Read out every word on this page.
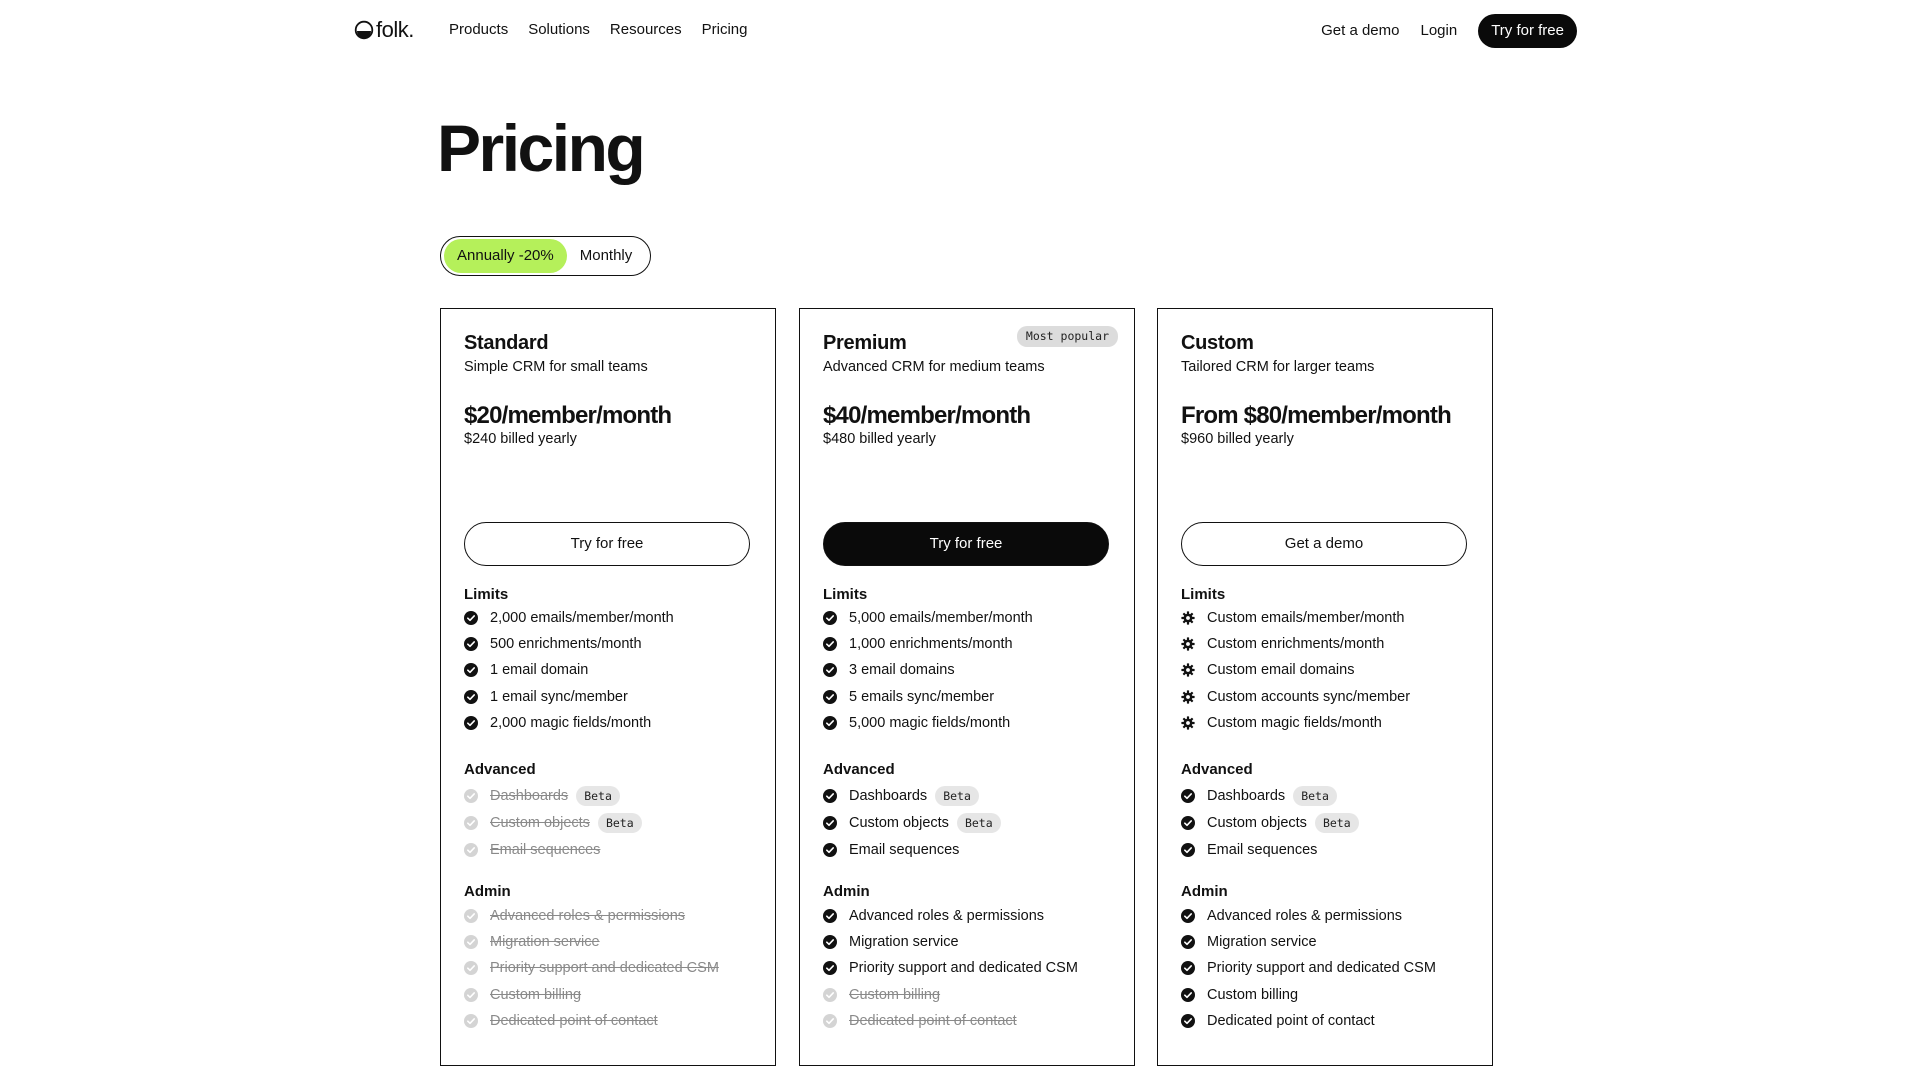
folk. Products Solutions Resources Pricing	Get a demo Login	Try for free
Pricing
Annually -20%	Monthly
Standard
Simple CRM for small teams
$20/member/month
$240 billed yearly
Try for free
Limits
2,000 emails/member/month
500 enrichments/month
1 email domain
1 email sync/member
2,000 magic fields/month
Advanced
Dashboards	Beta
Custom objects	Beta
Email sequences
Admin
Advanced roles & permissions
Migration service
Priority support and dedicated CSM
Custom billing
Dedicated point of contact
Premium
Advanced CRM for medium teams
$40/member/month
$480 billed yearly
Try for free
Limits
5,000 emails/member/month
1,000 enrichments/month
3 email domains
5 emails sync/member
5,000 magic fields/month
Advanced
Dashboards	Beta
Custom objects	Beta
Email sequences
Admin
Advanced roles & permissions
Migration service
Priority support and dedicated CSM
Custom billing
Dedicated point of contact
Most popular	Custom
Tailored CRM for larger teams
From $80/member/month
$960 billed yearly
Get a demo
Limits
Custom emails/member/month
Custom enrichments/month
Custom email domains
Custom accounts sync/member
Custom magic fields/month
Advanced
Dashboards	Beta
Custom objects	Beta
Email sequences
Admin
Advanced roles & permissions
Migration service
Priority support and dedicated CSM
Custom billing
Dedicated point of contact
